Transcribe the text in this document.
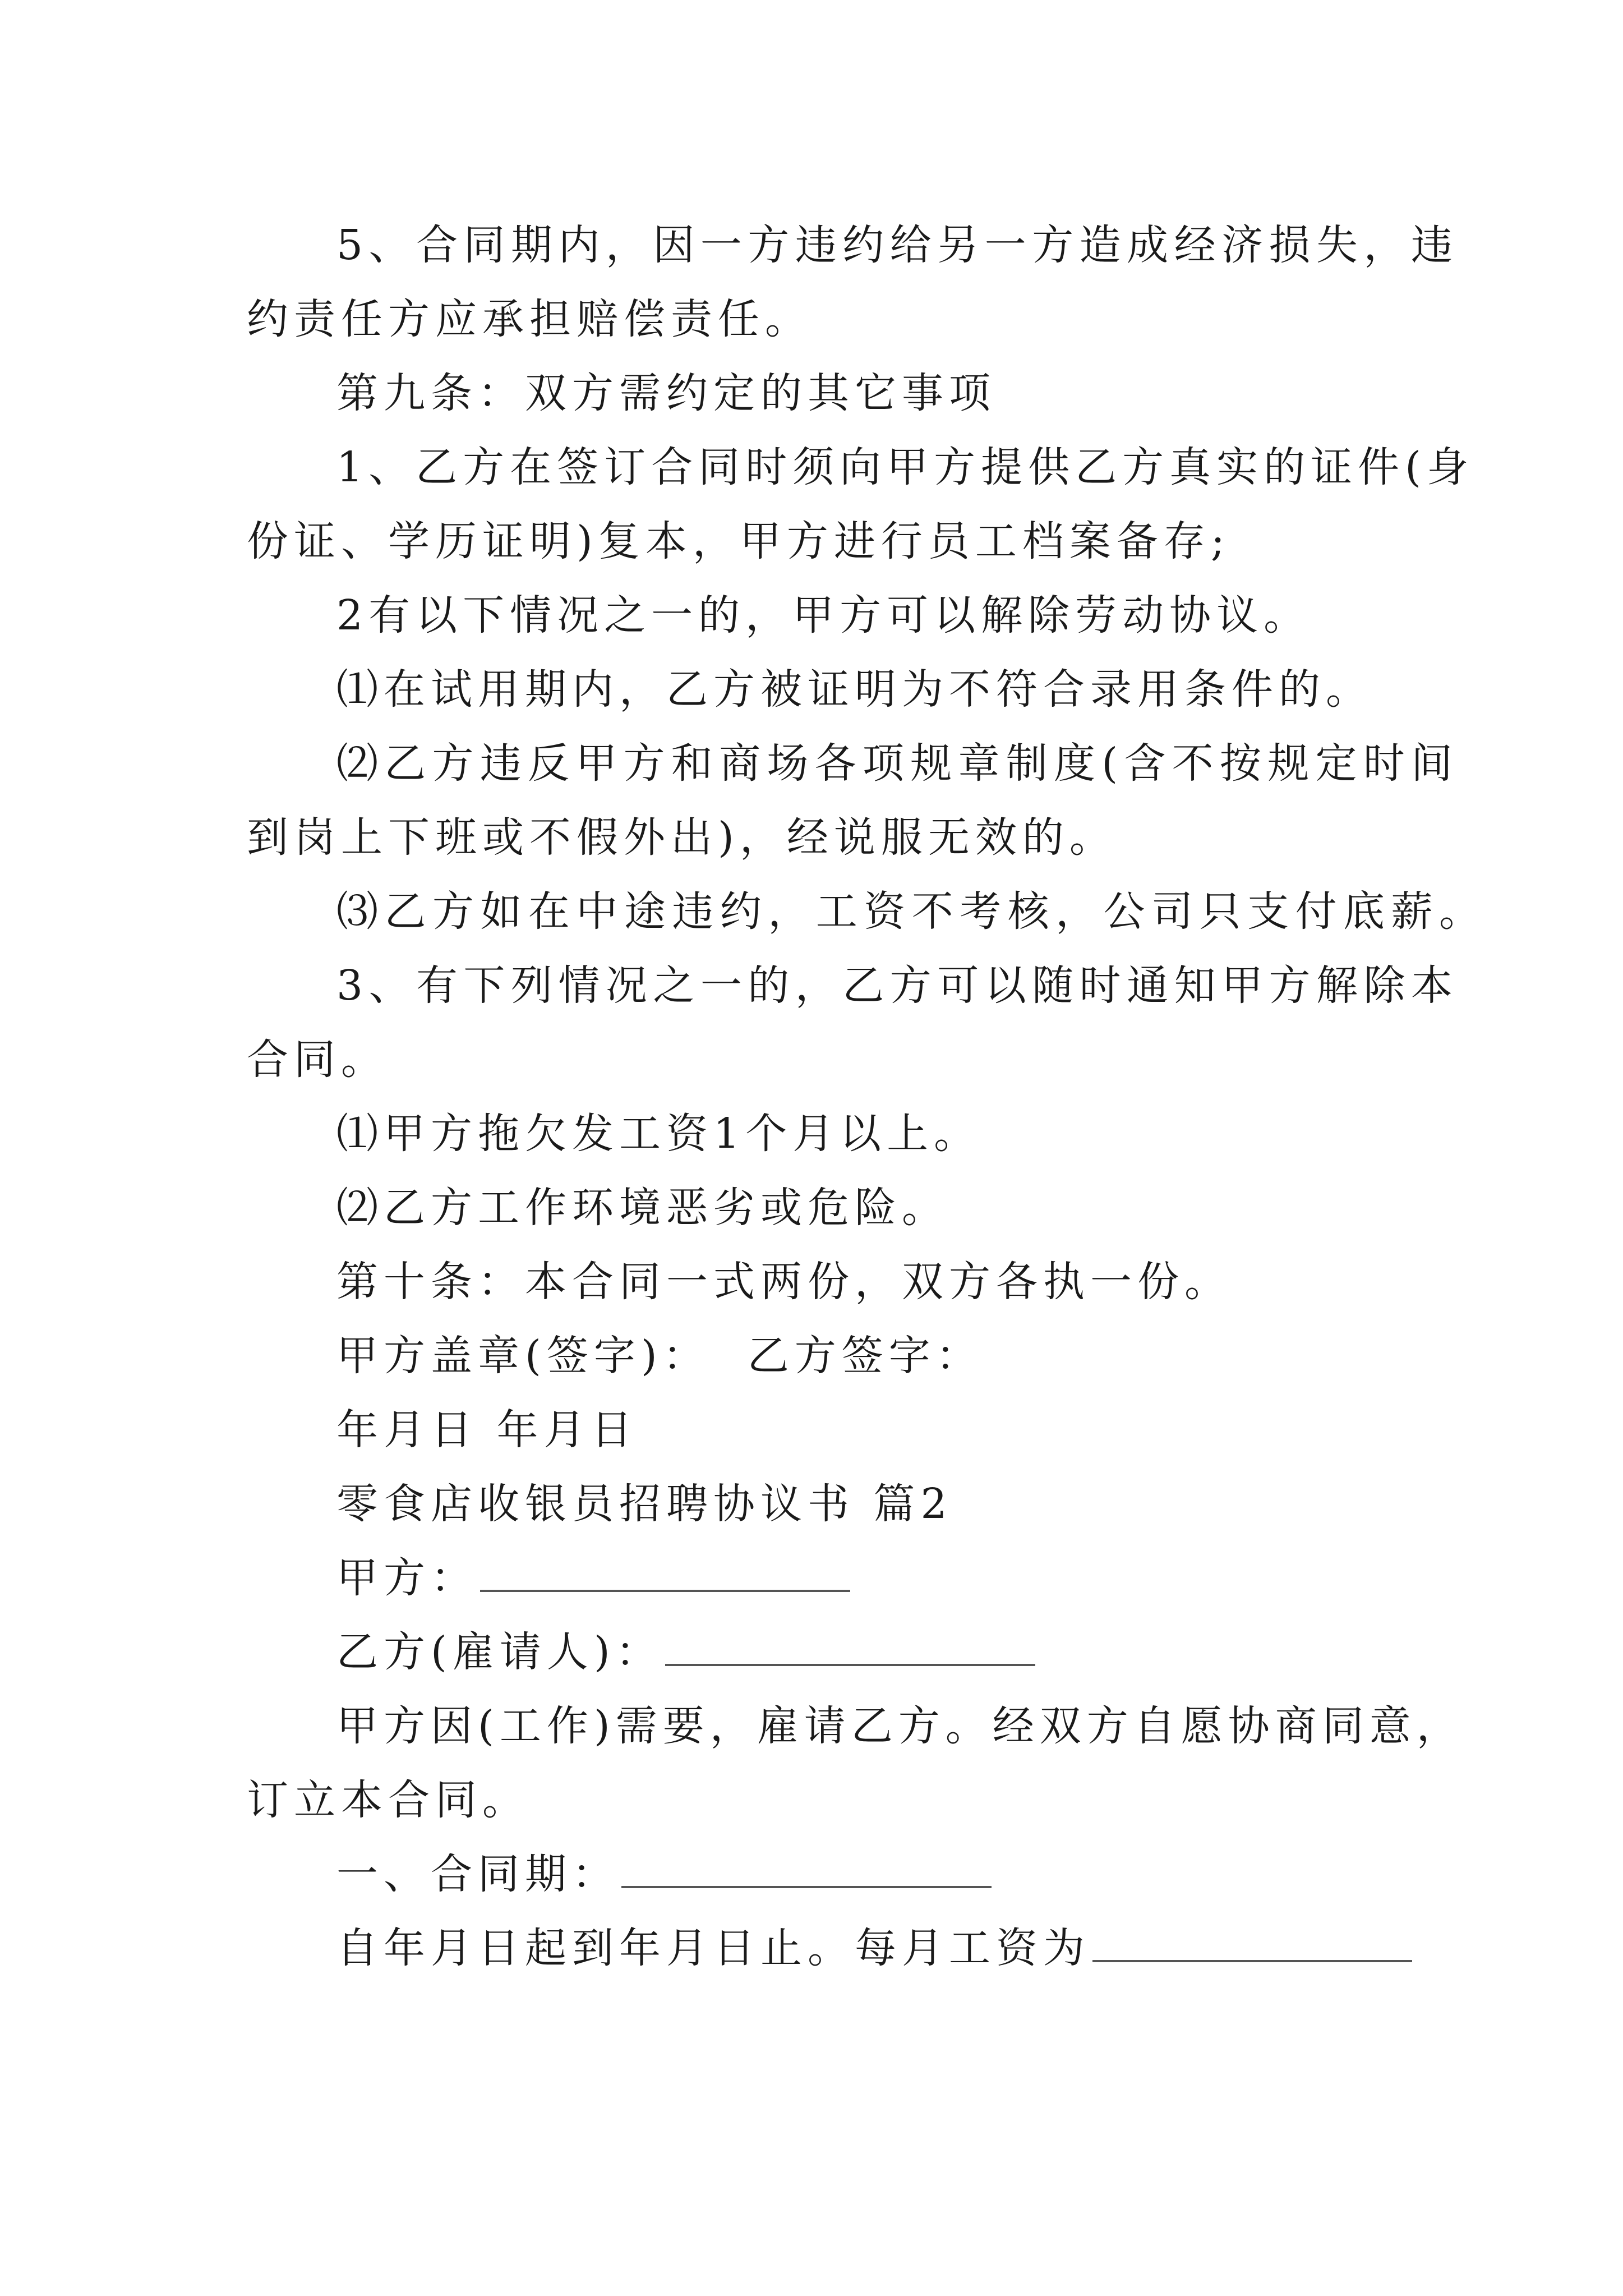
5、合同期内，因一方违约给另一方造成经济损失，违
约责任方应承担赔偿责任。
第九条：双方需约定的其它事项
1、乙方在签订合同时须向甲方提供乙方真实的证件(身
份证、学历证明)复本，甲方进行员工档案备存;
2有以下情况之一的，甲方可以解除劳动协议。
⑴在试用期内，乙方被证明为不符合录用条件的。
⑵乙方违反甲方和商场各项规章制度(含不按规定时间
到岗上下班或不假外出)，经说服无效的。
⑶乙方如在中途违约，工资不考核，公司只支付底薪。
3、有下列情况之一的，乙方可以随时通知甲方解除本
合同。
⑴甲方拖欠发工资1个月以上。
⑵乙方工作环境恶劣或危险。
第十条：本合同一式两份，双方各执一份。
甲方盖章(签字)：  乙方签字：
年月日 年月日
零食店收银员招聘协议书 篇2
甲方：
乙方(雇请人)：
甲方因(工作)需要，雇请乙方。经双方自愿协商同意，
订立本合同。
一、合同期：
自年月日起到年月日止。每月工资为
